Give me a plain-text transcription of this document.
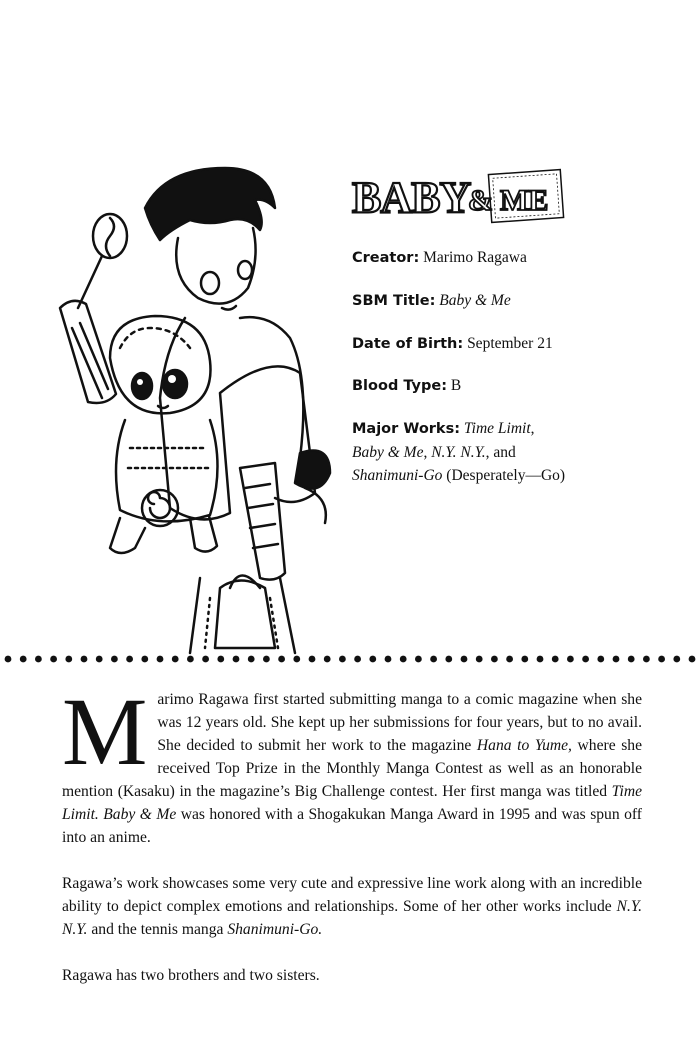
BABY
& ME
Creator: Marimo Ragawa
SBM Title: Baby & Me
Date of Birth: September 21
Blood Type: B
Major Works: Time Limit,
Baby & Me, N.Y. N.Y., and
Shanimuni-Go (Desperately—Go)

Marimo Ragawa first started submitting manga to a comic magazine when she was 12 years old. She kept up her submissions for four years, but to no avail. She decided to submit her work to the magazine Hana to Yume, where she received Top Prize in the Monthly Manga Contest as well as an honorable mention (Kasaku) in the magazine’s Big Challenge contest. Her first manga was titled Time Limit. Baby & Me was honored with a Shogakukan Manga Award in 1995 and was spun off into an anime.

Ragawa’s work showcases some very cute and expressive line work along with an incredible ability to depict complex emotions and relationships. Some of her other works include N.Y. N.Y. and the tennis manga Shanimuni-Go.

Ragawa has two brothers and two sisters.
